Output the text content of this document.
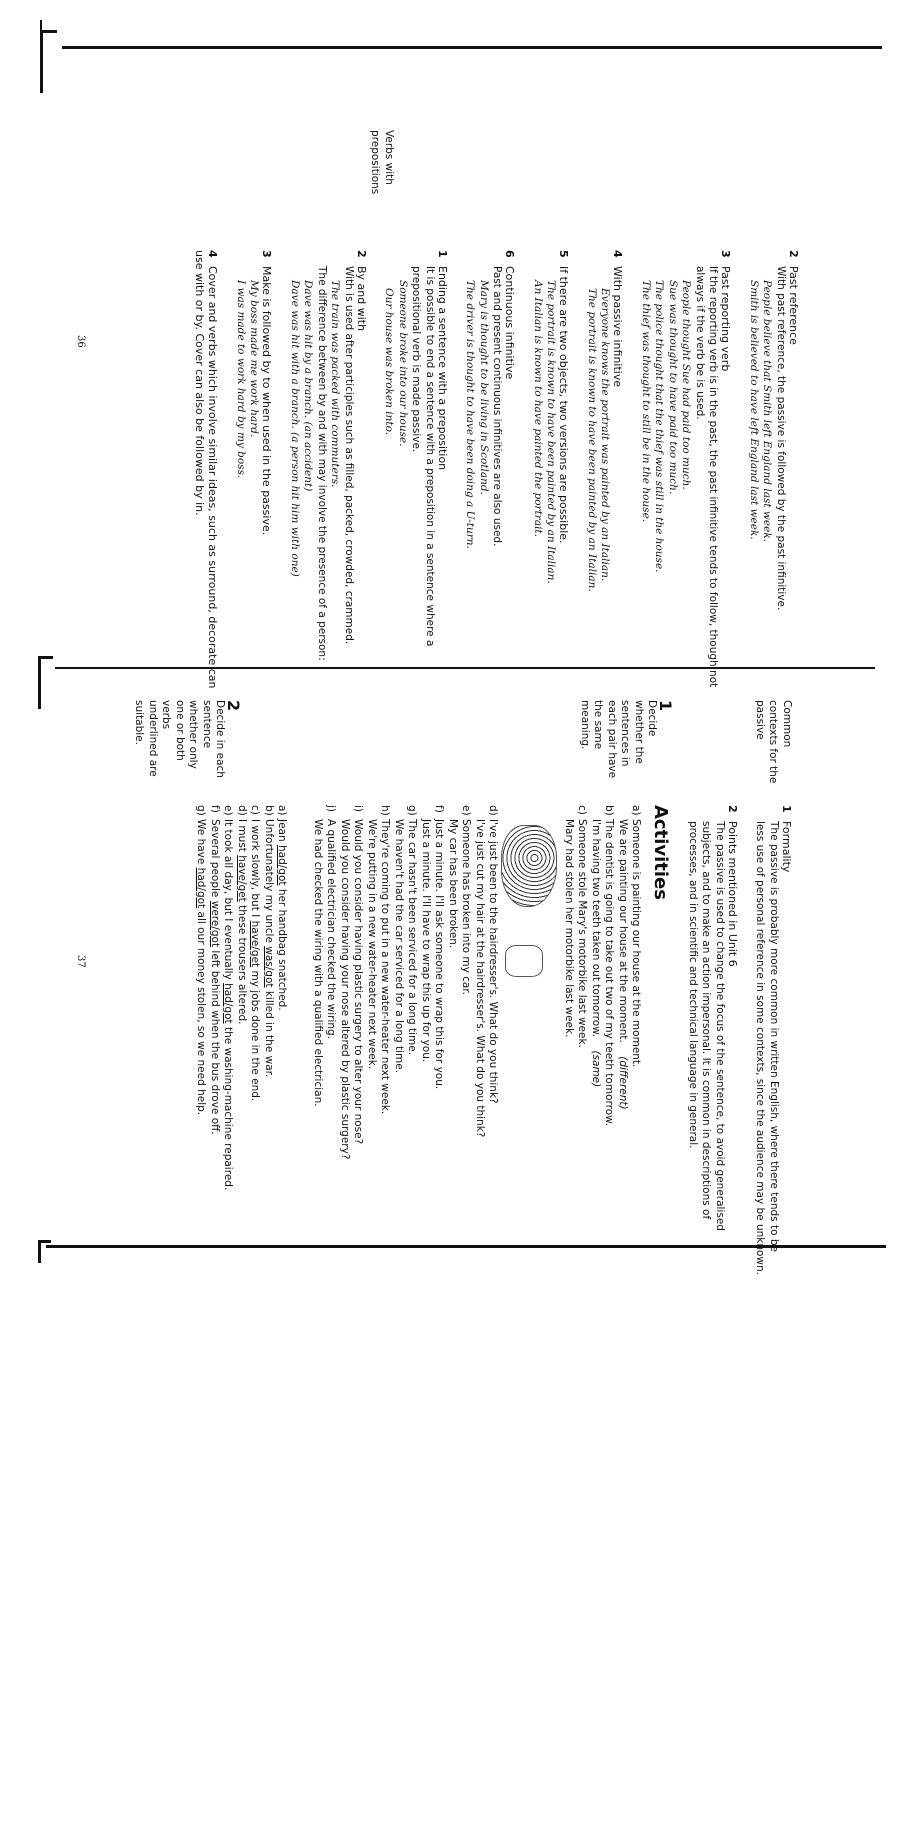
2Past reference
With past reference, the passive is followed by the past infinitive.
People believe that Smith left England last week.
Smith is believed to have left England last week.
3Past reporting verb
If the reporting verb is in the past, the past infinitive tends to follow, though not always if the verb be is used.
People thought Sue had paid too much.
Sue was thought to have paid too much.
The police thought that the thief was still in the house.
The thief was thought to still be in the house.
4With passive infinitive
Everyone knows the portrait was painted by an Italian.
The portrait is known to have been painted by an Italian.
5If there are two objects, two versions are possible.
The portrait is known to have been painted by an Italian.
An Italian is known to have painted the portrait.
6Continuous infinitive
Past and present continuous infinitives are also used.
Mary is thought to be living in Scotland.
The driver is thought to have been doing a U-turn.
1Ending a sentence with a preposition
It is possible to end a sentence with a preposition in a sentence where a prepositional verb is made passive.
Someone broke into our house.
Our house was broken into.
2By and with
With is used after participles such as filled, packed, crowded, crammed.
The train was packed with commuters.
The difference between by and with may involve the presence of a person:
Dave was hit by a branch. (an accident)
Dave was hit with a branch. (a person hit him with one)
3Make is followed by to when used in the passive.
My boss made me work hard.
I was made to work hard by my boss.
4Cover and verbs which involve similar ideas, such as surround, decorate can use with or by. Cover can also be followed by in.
Verbs with prepositions
36
Common contexts for the passive
1Formality
The passive is probably more common in written English, where there tends to be less use of personal reference in some contexts, since the audience may be unknown.
2Points mentioned in Unit 6
The passive is used to change the focus of the sentence, to avoid generalised subjects, and to make an action impersonal. It is common in descriptions of processes, and in scientific and technical language in general.
Activities
a)Someone is painting our house at the moment.
We are painting our house at the moment.    (different)
b)The dentist is going to take out two of my teeth tomorrow.
I'm having two teeth taken out tomorrow.    (same)
c)Someone stole Mary's motorbike last week.
Mary had stolen her motorbike last week.
d)I've just been to the hairdresser's. What do you think?
I've just cut my hair at the hairdresser's. What do you think?
e)Someone has broken into my car.
My car has been broken.
f)Just a minute. I'll ask someone to wrap this for you.
Just a minute. I'll have to wrap this up for you.
g)The car hasn't been serviced for a long time.
We haven't had the car serviced for a long time.
h)They're coming to put in a new water-heater next week.
We're putting in a new water-heater next week.
i)Would you consider having plastic surgery to alter your nose?
Would you consider having your nose altered by plastic surgery?
j)A qualified electrician checked the wiring.
We had checked the wiring with a qualified electrician.
a)Jean had/got her handbag snatched.
b)Unfortunately my uncle was/got killed in the war.
c)I work slowly, but I have/get my jobs done in the end.
d)I must have/get these trousers altered.
e)It took all day, but I eventually had/got the washing-machine repaired.
f)Several people were/got left behind when the bus drove off.
g)We have had/got all our money stolen, so we need help.
1
Decide whether the sentences in each pair have the same meaning.
2
Decide in each sentence whether only one or both verbs underlined are suitable.
37
